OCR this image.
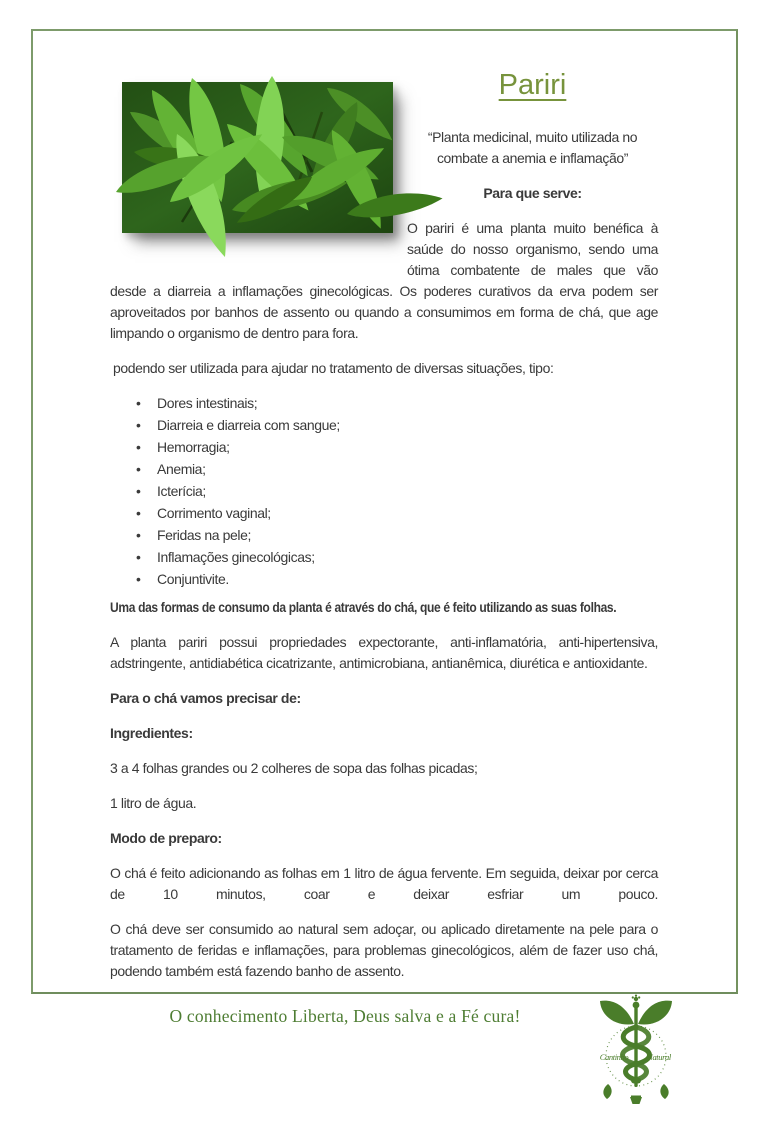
Pariri

“Planta medicinal, muito utilizada no combate a anemia e inflamação”

Para que serve:

O pariri é uma planta muito benéfica à saúde do nosso organismo, sendo uma ótima combatente de males que vão desde a diarreia a inflamações ginecológicas. Os poderes curativos da erva podem ser aproveitados por banhos de assento ou quando a consumimos em forma de chá, que age limpando o organismo de dentro para fora.

podendo ser utilizada para ajudar no tratamento de diversas situações, tipo:

• Dores intestinais;
• Diarreia e diarreia com sangue;
• Hemorragia;
• Anemia;
• Icterícia;
• Corrimento vaginal;
• Feridas na pele;
• Inflamações ginecológicas;
• Conjuntivite.

Uma das formas de consumo da planta é através do chá, que é feito utilizando as suas folhas.

A planta pariri possui propriedades expectorante, anti-inflamatória, anti-hipertensiva, adstringente, antidiabética cicatrizante, antimicrobiana, antianêmica, diurética e antioxidante.

Para o chá vamos precisar de:

Ingredientes:

3 a 4 folhas grandes ou 2 colheres de sopa das folhas picadas;

1 litro de água.

Modo de preparo:

O chá é feito adicionando as folhas em 1 litro de água fervente. Em seguida, deixar por cerca de 10 minutos, coar e deixar esfriar um pouco.

O chá deve ser consumido ao natural sem adoçar, ou aplicado diretamente na pele para o tratamento de feridas e inflamações, para problemas ginecológicos, além de fazer uso chá, podendo também está fazendo banho de assento.

O conhecimento Liberta, Deus salva e a Fé cura!

Cantinho Natural
